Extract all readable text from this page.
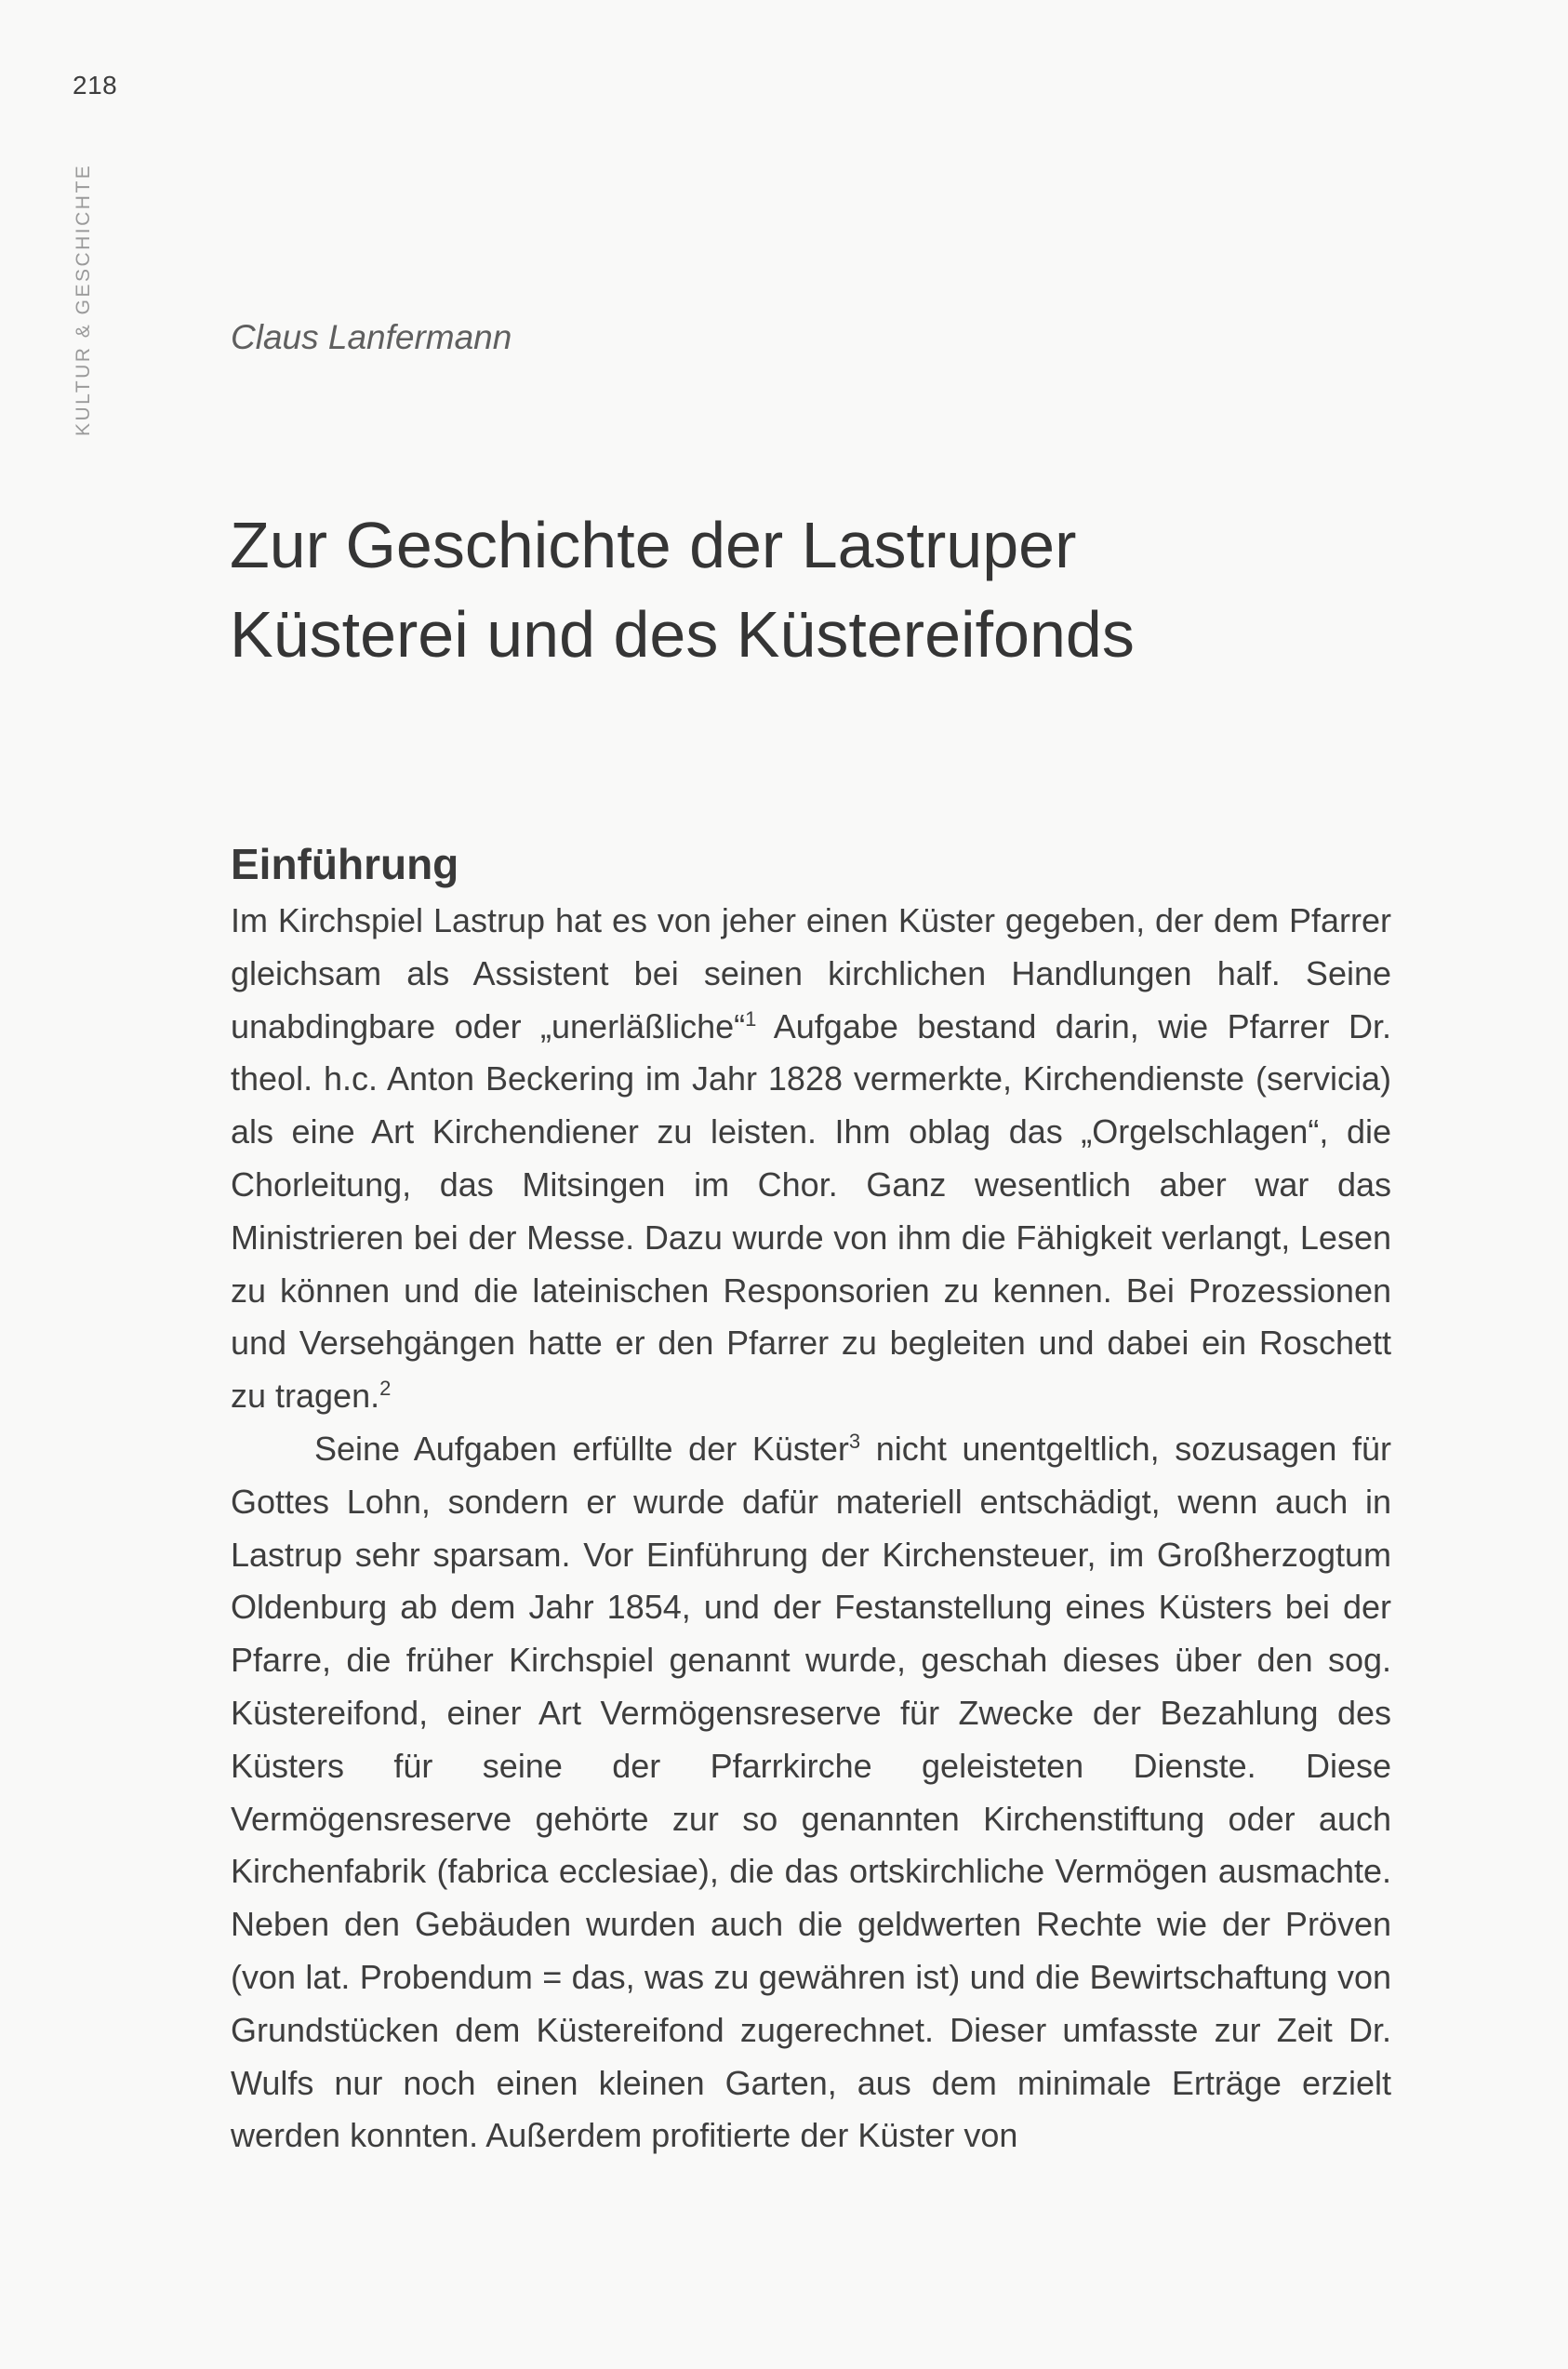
218
KULTUR & GESCHICHTE	Claus Lanfermann
Zur Geschichte der Lastruper
Küsterei und des Küstereifonds
Einführung

Im Kirchspiel Lastrup hat es von jeher einen Küster gegeben, der dem Pfarrer gleichsam als Assistent bei seinen kirchlichen Handlungen half. Seine unabdingbare oder „unerläßliche“$^1$ Aufgabe bestand darin, wie Pfarrer Dr. theol. h.c. Anton Beckering im Jahr 1828 vermerkte, Kirchendienste (servicia) als eine Art Kirchendiener zu leisten. Ihm oblag das „Orgelschlagen“, die Chorleitung, das Mitsingen im Chor. Ganz wesentlich aber war das Ministrieren bei der Messe. Dazu wurde von ihm die Fähigkeit verlangt, Lesen zu können und die lateinischen Responsorien zu kennen. Bei Prozessionen und Versehgängen hatte er den Pfarrer zu begleiten und dabei ein Roschett zu tragen.$^2$

Seine Aufgaben erfüllte der Küster$^3$ nicht unentgeltlich, sozusagen für Gottes Lohn, sondern er wurde dafür materiell entschädigt, wenn auch in Lastrup sehr sparsam. Vor Einführung der Kirchensteuer, im Großherzogtum Oldenburg ab dem Jahr 1854, und der Festanstellung eines Küsters bei der Pfarre, die früher Kirchspiel genannt wurde, geschah dieses über den sog. Küstereifond, einer Art Vermögensreserve für Zwecke der Bezahlung des Küsters für seine der Pfarrkirche geleisteten Dienste. Diese Vermögensreserve gehörte zur so genannten Kirchenstiftung oder auch Kirchenfabrik (fabrica ecclesiae), die das ortskirchliche Vermögen ausmachte. Neben den Gebäuden wurden auch die geldwerten Rechte wie der Pröven (von lat. Probendum = das, was zu gewähren ist) und die Bewirtschaftung von Grundstücken dem Küstereifond zugerechnet. Dieser umfasste zur Zeit Dr. Wulfs nur noch einen kleinen Garten, aus dem minimale Erträge erzielt werden konnten. Außerdem profitierte der Küster von
